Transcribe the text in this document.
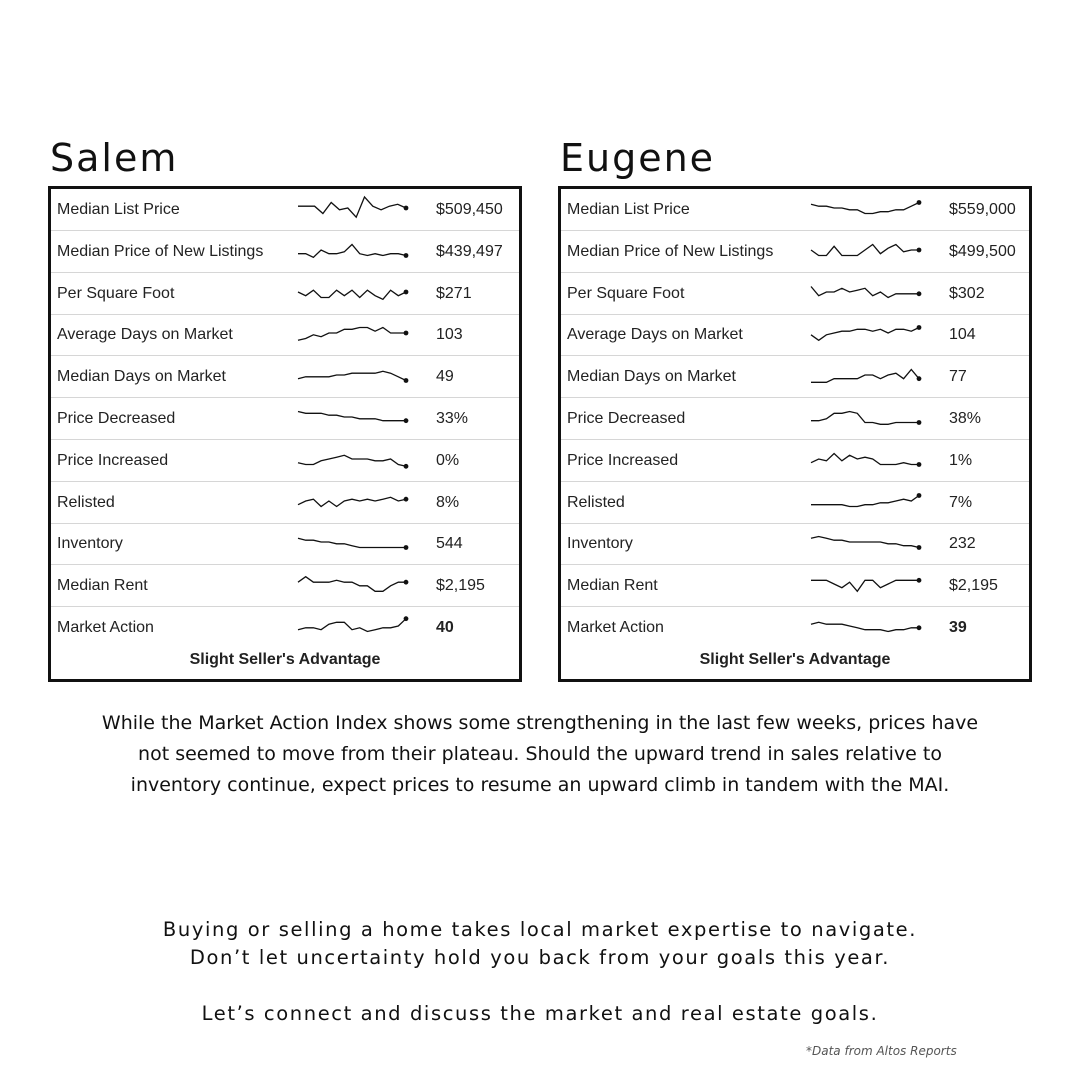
Salem
Median List Price	$509,450
Median Price of New Listings	$439,497
Per Square Foot	$271
Average Days on Market	103
Median Days on Market	49
Price Decreased	33%
Price Increased	0%
Relisted	8%
Inventory	544
Median Rent	$2,195
Market Action	40
Slight Seller's Advantage
Eugene
Median List Price	$559,000
Median Price of New Listings	$499,500
Per Square Foot	$302
Average Days on Market	104
Median Days on Market	77
Price Decreased	38%
Price Increased	1%
Relisted	7%
Inventory	232
Median Rent	$2,195
Market Action	39
Slight Seller's Advantage
While the Market Action Index shows some strengthening in the last few weeks, prices have not seemed to move from their plateau. Should the upward trend in sales relative to inventory continue, expect prices to resume an upward climb in tandem with the MAI.
Buying or selling a home takes local market expertise to navigate.
Don’t let uncertainty hold you back from your goals this year.
Let’s connect and discuss the market and real estate goals.
*Data from Altos Reports
